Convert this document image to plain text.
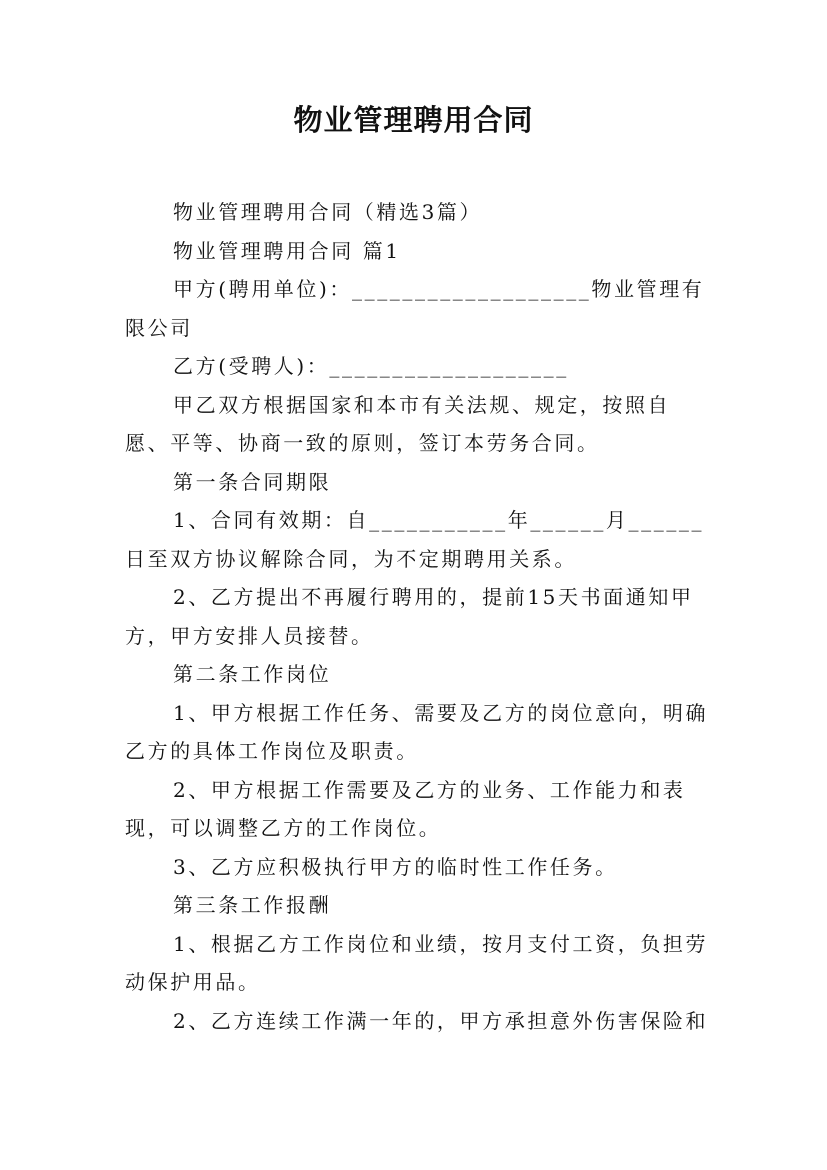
物业管理聘用合同

物业管理聘用合同（精选3篇）

物业管理聘用合同 篇1

甲方(聘用单位)：___________________物业管理有限公司

乙方(受聘人)：___________________

甲乙双方根据国家和本市有关法规、规定，按照自愿、平等、协商一致的原则，签订本劳务合同。

第一条合同期限

1、合同有效期：自___________年______月______日至双方协议解除合同，为不定期聘用关系。

2、乙方提出不再履行聘用的，提前15天书面通知甲方，甲方安排人员接替。

第二条工作岗位

1、甲方根据工作任务、需要及乙方的岗位意向，明确乙方的具体工作岗位及职责。

2、甲方根据工作需要及乙方的业务、工作能力和表现，可以调整乙方的工作岗位。

3、乙方应积极执行甲方的临时性工作任务。

第三条工作报酬

1、根据乙方工作岗位和业绩，按月支付工资，负担劳动保护用品。

2、乙方连续工作满一年的，甲方承担意外伤害保险和
